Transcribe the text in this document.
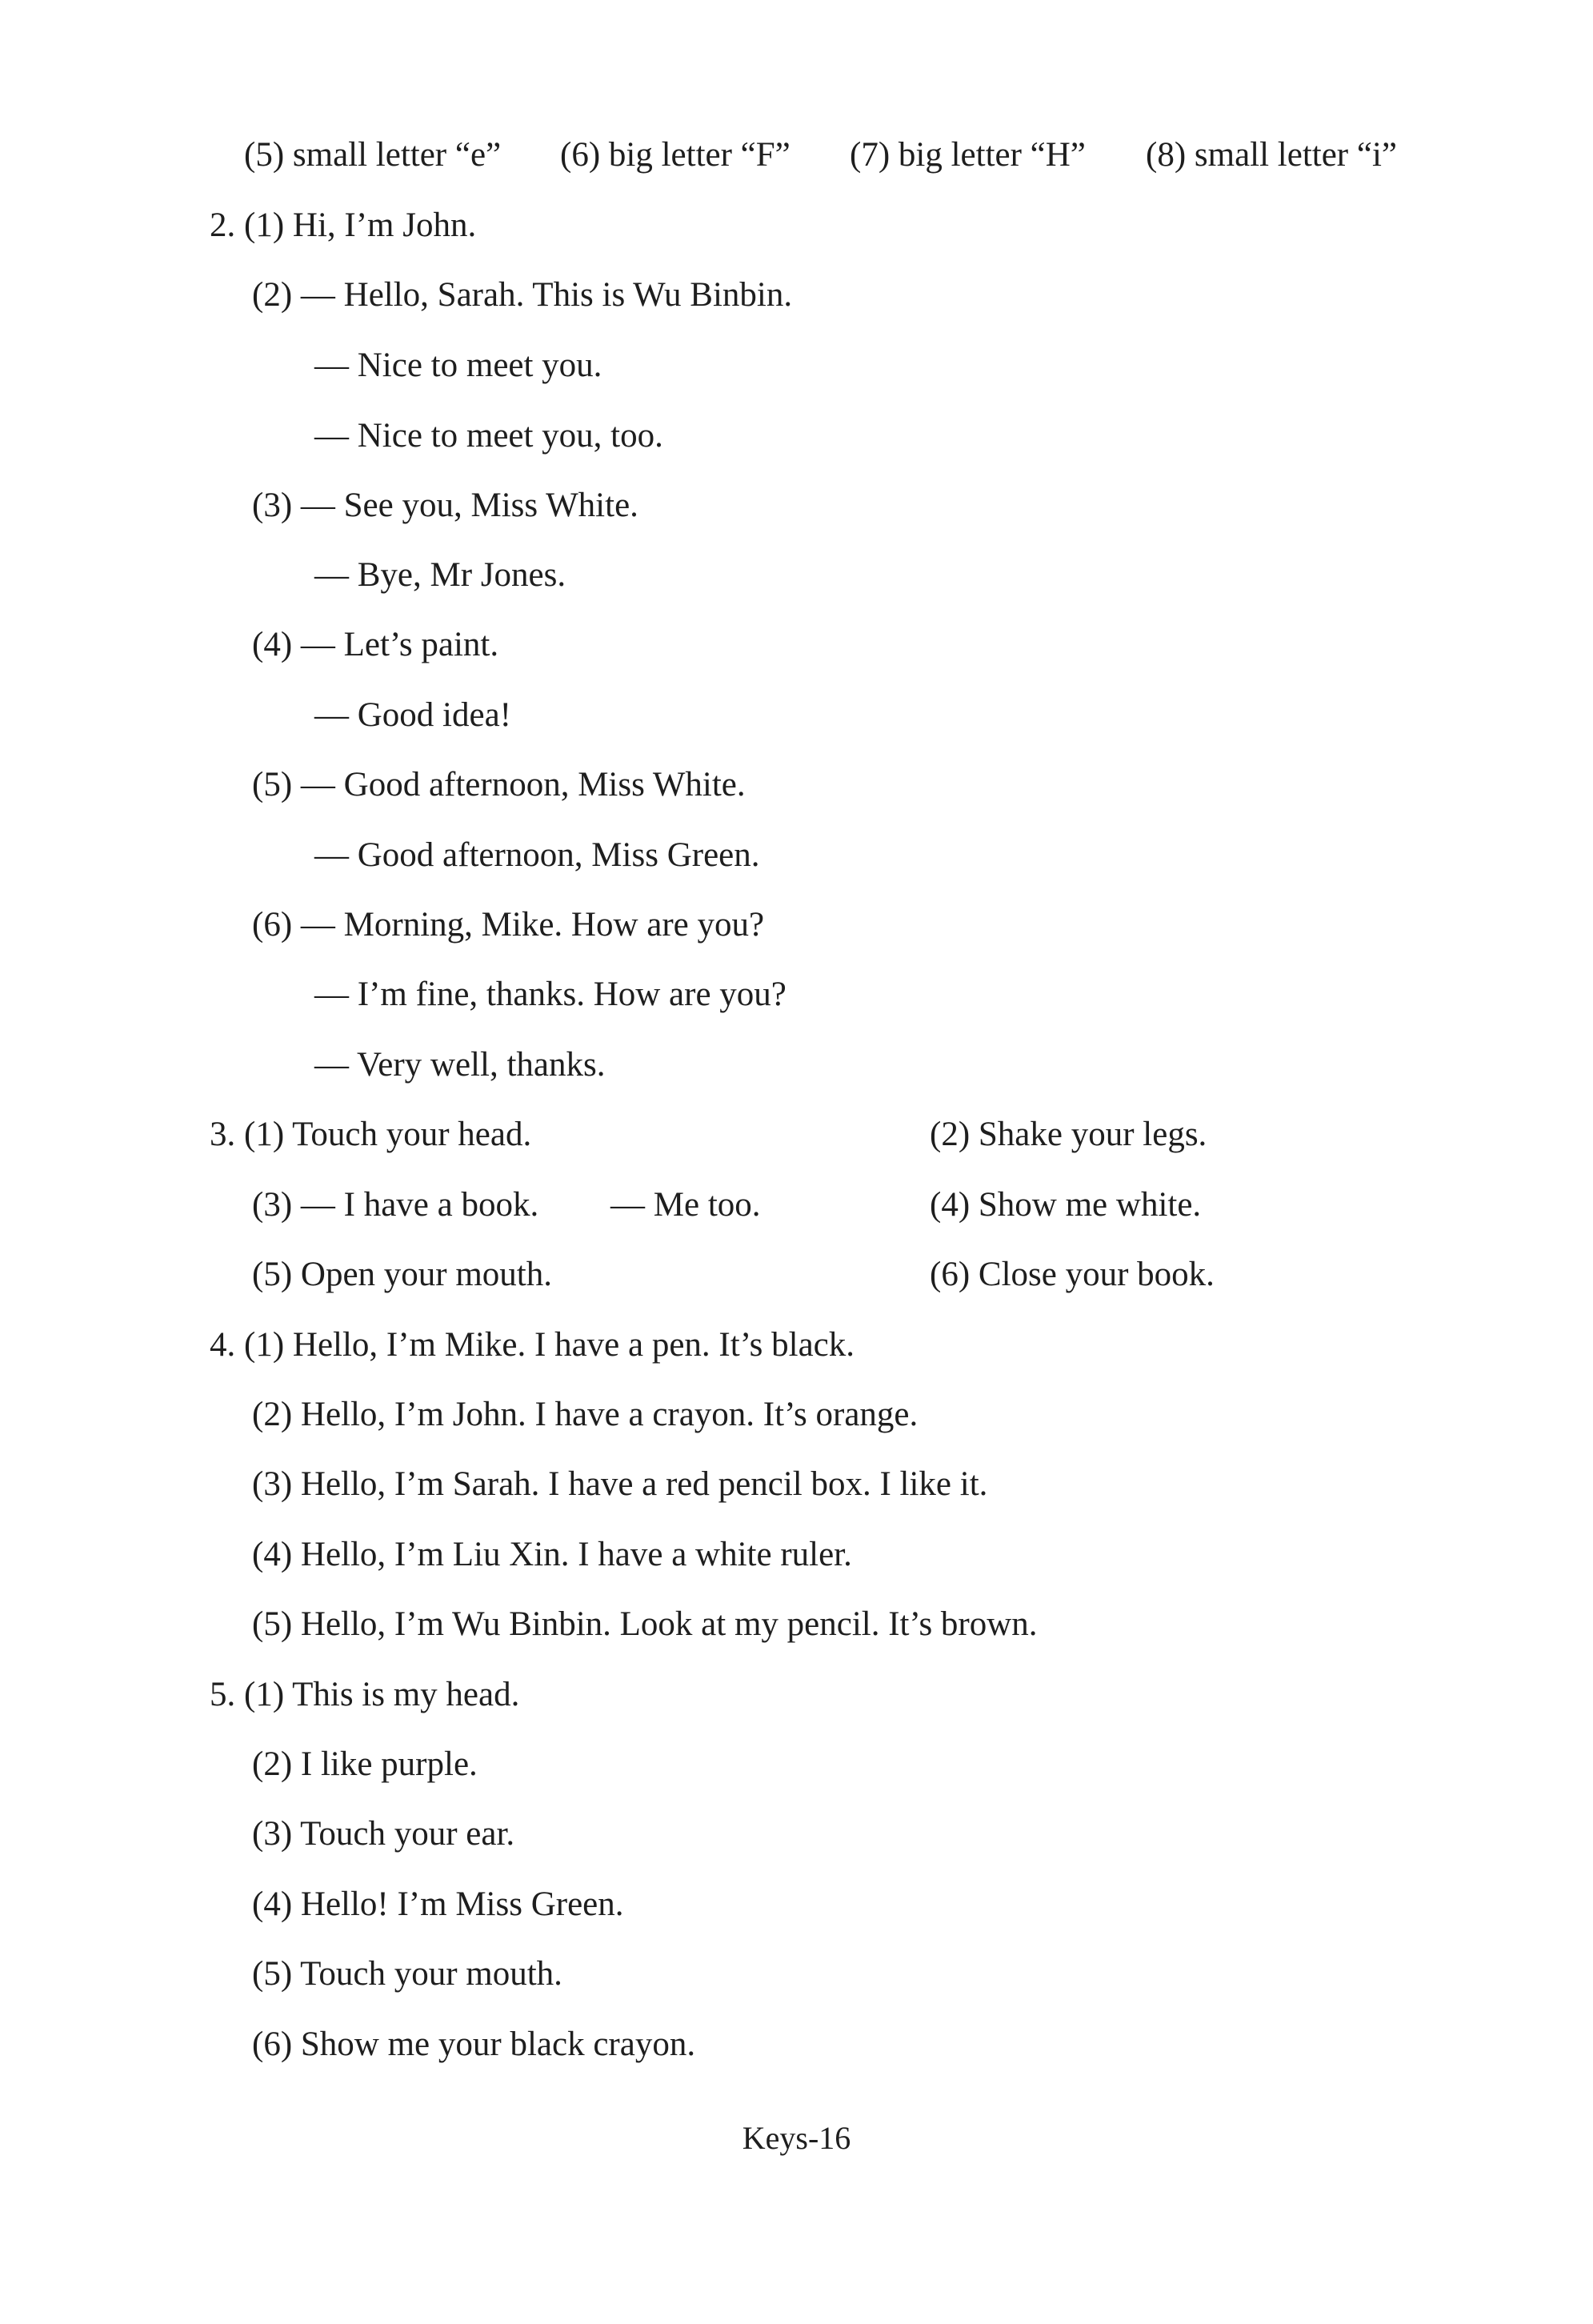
(5) small letter “e” (6) big letter “F” (7) big letter “H” (8) small letter “i”
2. (1) Hi, I’m John.
(2) — Hello, Sarah. This is Wu Binbin.
— Nice to meet you.
— Nice to meet you, too.
(3) — See you, Miss White.
— Bye, Mr Jones.
(4) — Let’s paint.
— Good idea!
(5) — Good afternoon, Miss White.
— Good afternoon, Miss Green.
(6) — Morning, Mike. How are you?
— I’m fine, thanks. How are you?
— Very well, thanks.
3. (1) Touch your head.	(2) Shake your legs.
(3) — I have a book. — Me too.	(4) Show me white.
(5) Open your mouth.	(6) Close your book.
4. (1) Hello, I’m Mike. I have a pen. It’s black.
(2) Hello, I’m John. I have a crayon. It’s orange.
(3) Hello, I’m Sarah. I have a red pencil box. I like it.
(4) Hello, I’m Liu Xin. I have a white ruler.
(5) Hello, I’m Wu Binbin. Look at my pencil. It’s brown.
5. (1) This is my head.
(2) I like purple.
(3) Touch your ear.
(4) Hello! I’m Miss Green.
(5) Touch your mouth.
(6) Show me your black crayon.
Keys-16
